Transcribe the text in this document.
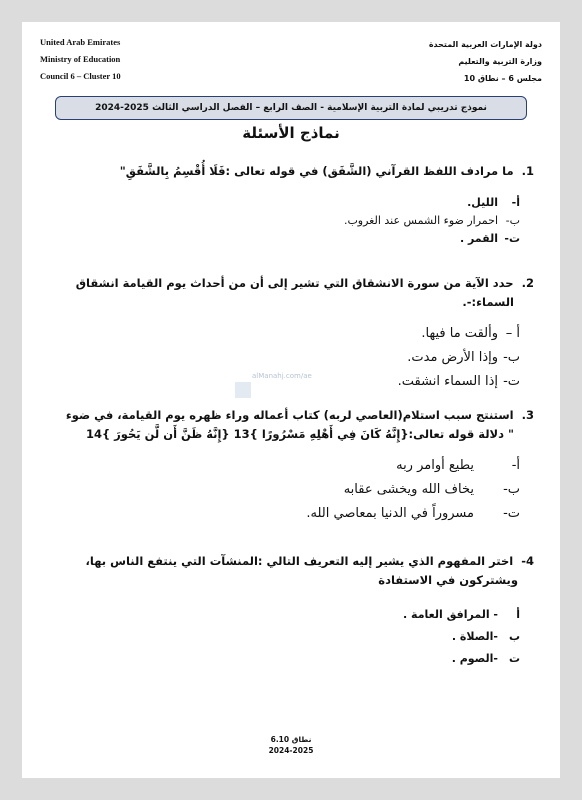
United Arab Emirates
Ministry of Education
Council 6 – Cluster 10
دولة الإمارات العربية المتحدة
وزارة التربية والتعليم
مجلس 6 – نطاق 10
نموذج تدريبي لمادة التربية الإسلامية - الصف الرابع – الفصل الدراسي الثالث 2025-2024
نماذج الأسئلة
1.ما مرادف اللفظ القرآني (الشَّفَق) في قوله تعالى :فَلَا أُقْسِمُ بِالشَّفَقِ"
أ-الليل.
ب-احمرار ضوء الشمس عند الغروب.
ت-القمر .
2.حدد الآية من سورة الانشقاق التي تشير إلى أن من أحداث يوم القيامة انشقاق
السماء:-.
أ –وألقت ما فيها.
ب-وإذا الأرض مدت.
ت-إذا السماء انشقت.
alManahj.com/ae
3.استنتج سبب استلام(العاصي لربه) كتاب أعماله وراء ظهره يوم القيامة، في ضوء
" دلالة قوله تعالى:{إِنَّهُ كَانَ فِي أَهْلِهِ مَسْرُورًا }13 {إِنَّهُ ظَنَّ أَن لَّن يَحُورَ }14
أ-يطيع أوامر ربه
ب-يخاف الله ويخشى عقابه
ت-مسروراً في الدنيا بمعاصي الله.
4-اختر المفهوم الذي يشير إليه التعريف التالي :المنشآت التي ينتفع الناس بها،
ويشتركون في الاستفادة
أ- المرافق العامة .
ب-الصلاة .
ت-الصوم .
نطاق 6.10
2024-2025
